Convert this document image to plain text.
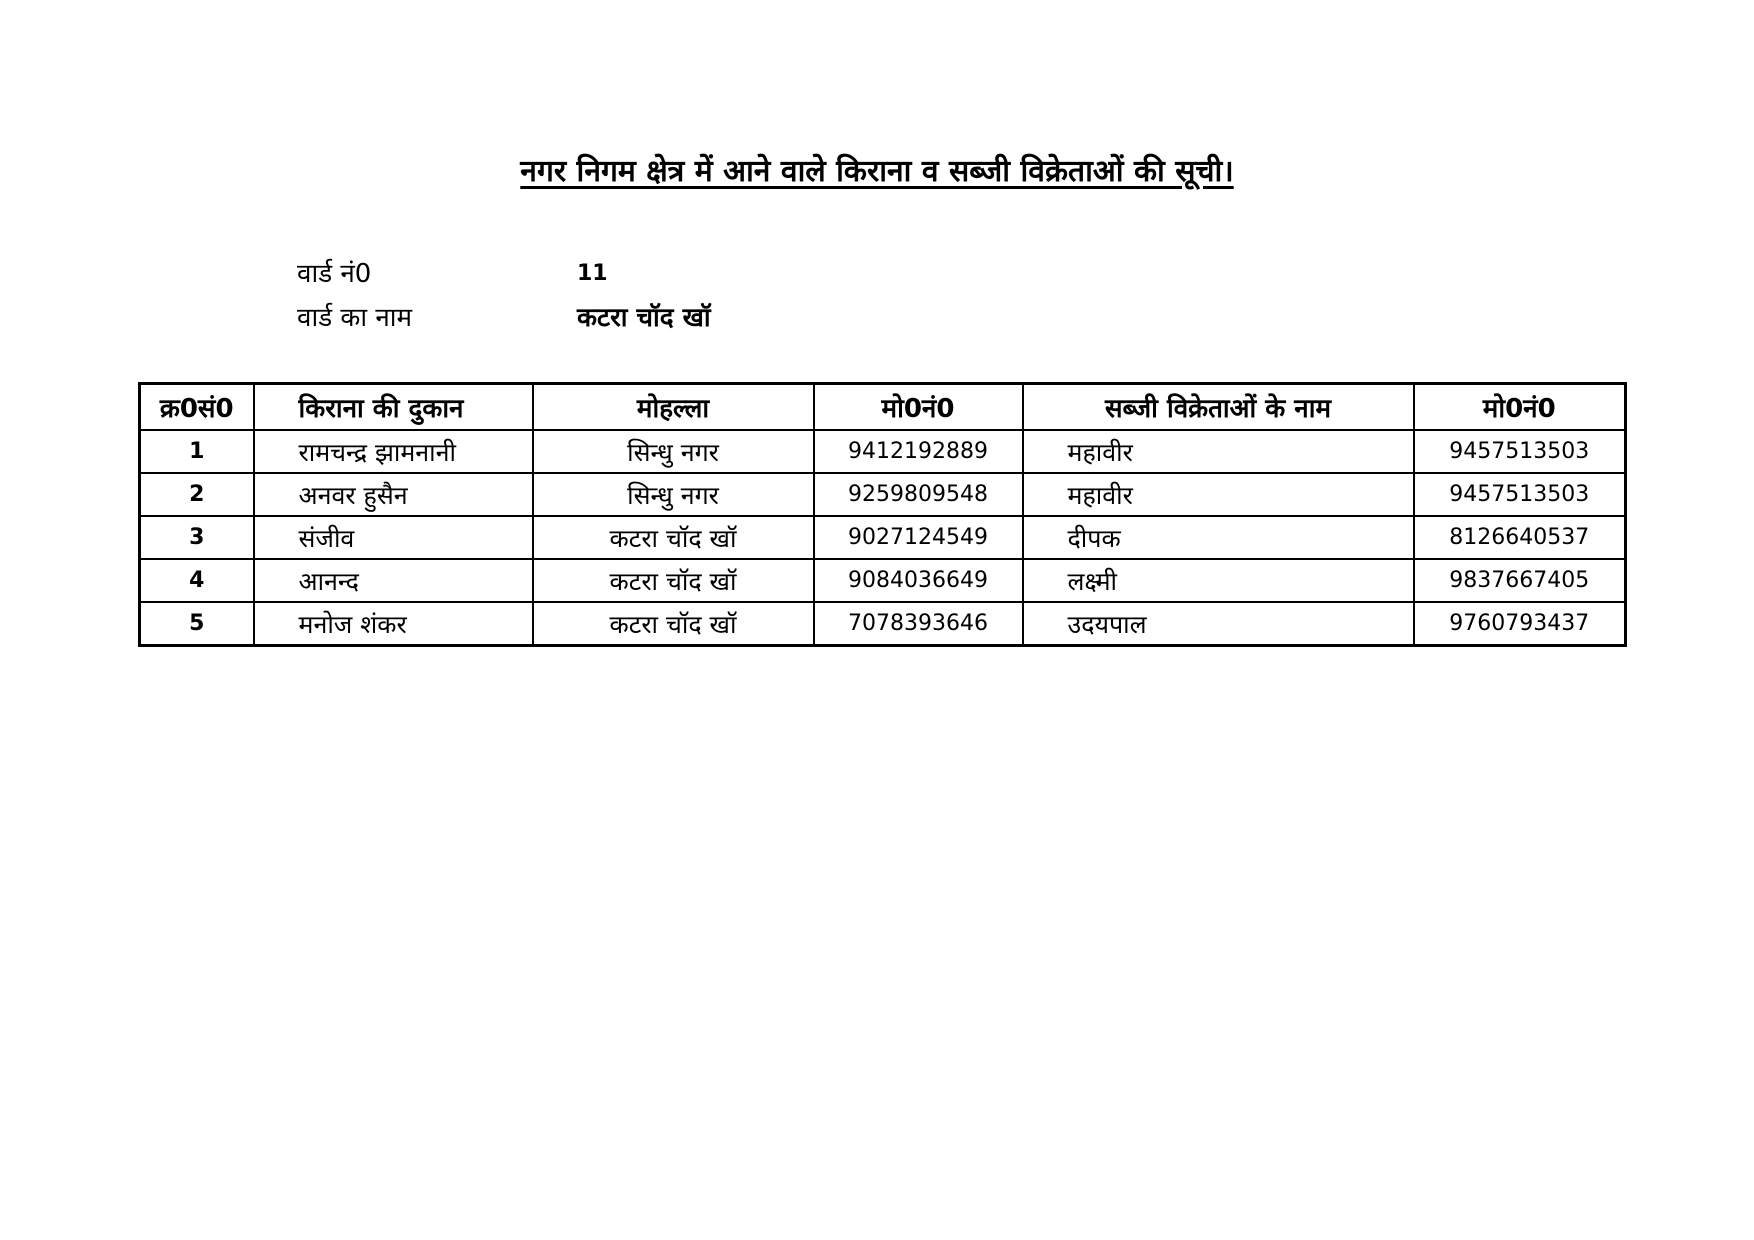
नगर निगम क्षेत्र में आने वाले किराना व सब्जी विक्रेताओं की सूची।
वार्ड नं0	11
वार्ड का नाम	कटरा चॉद खॉ
क्र0सं0	किराना की दुकान	मोहल्ला	मो0नं0	सब्जी विक्रेताओं के नाम	मो0नं0
1	रामचन्द्र झामनानी	सिन्धु नगर	9412192889	महावीर	9457513503
2	अनवर हुसैन	सिन्धु नगर	9259809548	महावीर	9457513503
3	संजीव	कटरा चॉद खॉ	9027124549	दीपक	8126640537
4	आनन्द	कटरा चॉद खॉ	9084036649	लक्ष्मी	9837667405
5	मनोज शंकर	कटरा चॉद खॉ	7078393646	उदयपाल	9760793437
